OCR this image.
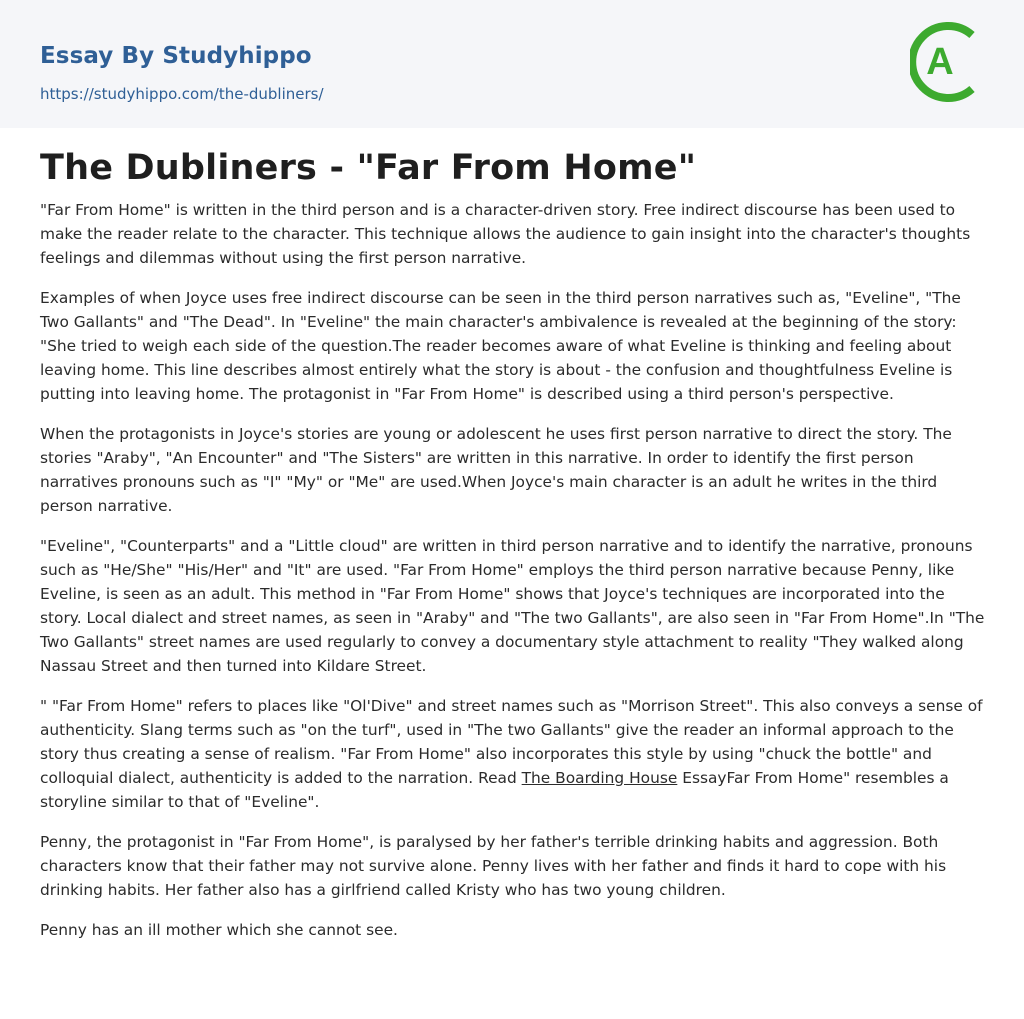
Essay By Studyhippo
https://studyhippo.com/the-dubliners/
A
The Dubliners - "Far From Home"

"Far From Home" is written in the third person and is a character-driven story. Free indirect discourse has been used to make the reader relate to the character. This technique allows the audience to gain insight into the character's thoughts feelings and dilemmas without using the first person narrative.

Examples of when Joyce uses free indirect discourse can be seen in the third person narratives such as, "Eveline", "The Two Gallants" and "The Dead". In "Eveline" the main character's ambivalence is revealed at the beginning of the story: "She tried to weigh each side of the question.The reader becomes aware of what Eveline is thinking and feeling about leaving home. This line describes almost entirely what the story is about - the confusion and thoughtfulness Eveline is putting into leaving home. The protagonist in "Far From Home" is described using a third person's perspective.

When the protagonists in Joyce's stories are young or adolescent he uses first person narrative to direct the story. The stories "Araby", "An Encounter" and "The Sisters" are written in this narrative. In order to identify the first person narratives pronouns such as "I" "My" or "Me" are used.When Joyce's main character is an adult he writes in the third person narrative.

"Eveline", "Counterparts" and a "Little cloud" are written in third person narrative and to identify the narrative, pronouns such as "He/She" "His/Her" and "It" are used. "Far From Home" employs the third person narrative because Penny, like Eveline, is seen as an adult. This method in "Far From Home" shows that Joyce's techniques are incorporated into the story. Local dialect and street names, as seen in "Araby" and "The two Gallants", are also seen in "Far From Home".In "The Two Gallants" street names are used regularly to convey a documentary style attachment to reality "They walked along Nassau Street and then turned into Kildare Street.

" "Far From Home" refers to places like "Ol'Dive" and street names such as "Morrison Street". This also conveys a sense of authenticity. Slang terms such as "on the turf", used in "The two Gallants" give the reader an informal approach to the story thus creating a sense of realism. "Far From Home" also incorporates this style by using "chuck the bottle" and colloquial dialect, authenticity is added to the narration. Read The Boarding House EssayFar From Home" resembles a storyline similar to that of "Eveline".

Penny, the protagonist in "Far From Home", is paralysed by her father's terrible drinking habits and aggression. Both characters know that their father may not survive alone. Penny lives with her father and finds it hard to cope with his drinking habits. Her father also has a girlfriend called Kristy who has two young children.

Penny has an ill mother which she cannot see.
